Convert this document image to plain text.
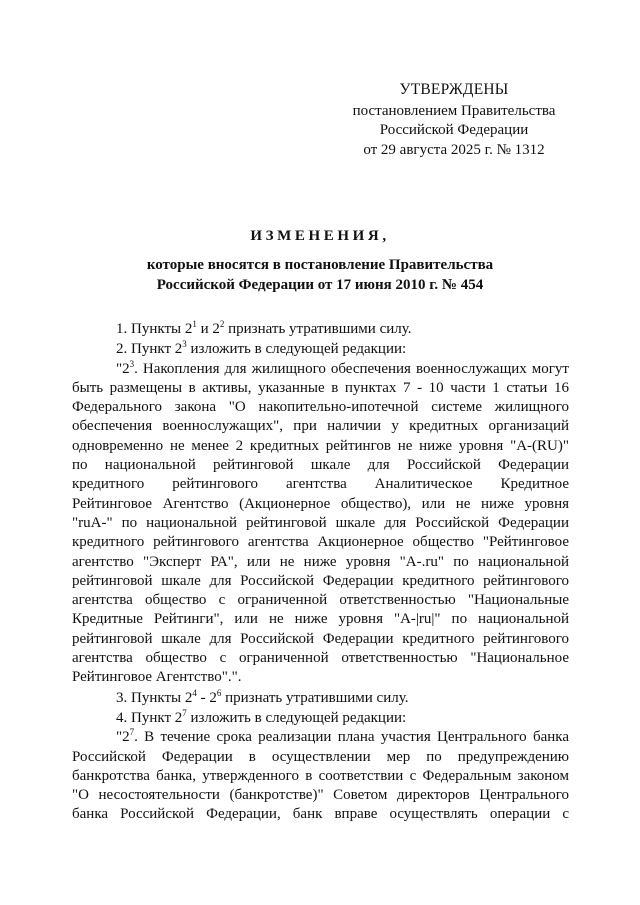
УТВЕРЖДЕНЫ
постановлением Правительства
Российской Федерации
от 29 августа 2025 г. № 1312
ИЗМЕНЕНИЯ,
которые вносятся в постановление Правительства
Российской Федерации от 17 июня 2010 г. № 454

1. Пункты $2^1$ и $2^2$ признать утратившими силу.

2. Пункт $2^3$ изложить в следующей редакции:

"$2^3$. Накопления для жилищного обеспечения военнослужащих могут
быть размещены в активы, указанные в пунктах 7 - 10 части 1 статьи 16
Федерального закона "О накопительно-ипотечной системе жилищного
обеспечения военнослужащих", при наличии у кредитных организаций
одновременно не менее 2 кредитных рейтингов не ниже уровня "A-(RU)"
по национальной рейтинговой шкале для Российской Федерации
кредитного рейтингового агентства Аналитическое Кредитное
Рейтинговое Агентство (Акционерное общество), или не ниже уровня
"ruA-" по национальной рейтинговой шкале для Российской Федерации
кредитного рейтингового агентства Акционерное общество "Рейтинговое
агентство "Эксперт РА", или не ниже уровня "A-.ru" по национальной
рейтинговой шкале для Российской Федерации кредитного рейтингового
агентства общество с ограниченной ответственностью "Национальные
Кредитные Рейтинги", или не ниже уровня "A-|ru|" по национальной
рейтинговой шкале для Российской Федерации кредитного рейтингового
агентства общество с ограниченной ответственностью "Национальное
Рейтинговое Агентство".".

3. Пункты $2^4 - 2^6$ признать утратившими силу.

4. Пункт $2^7$ изложить в следующей редакции:

"$2^7$. В течение срока реализации плана участия Центрального банка
Российской Федерации в осуществлении мер по предупреждению
банкротства банка, утвержденного в соответствии с Федеральным законом
"О несостоятельности (банкротстве)" Советом директоров Центрального
банка Российской Федерации, банк вправе осуществлять операции с
